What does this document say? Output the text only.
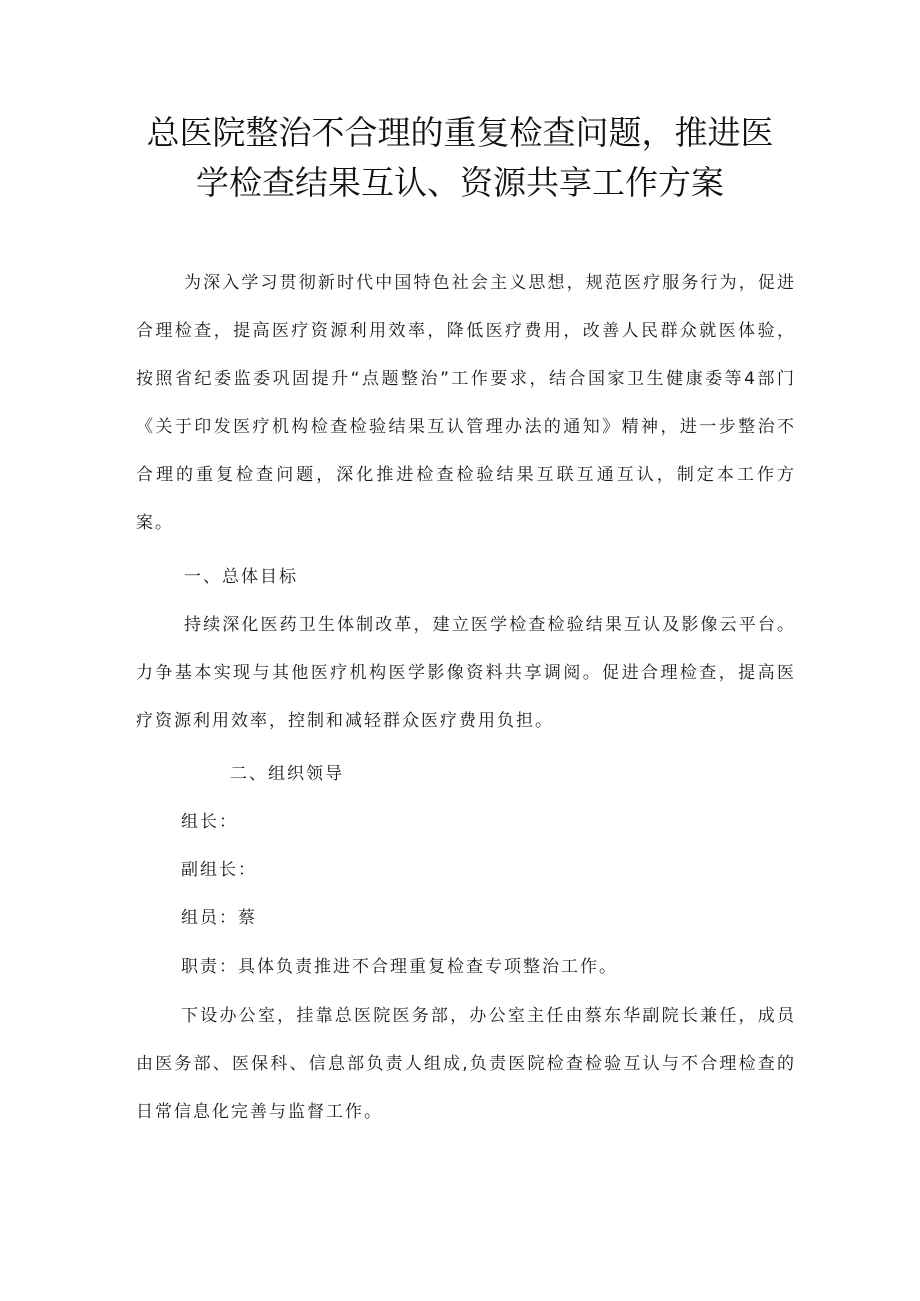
总医院整治不合理的重复检查问题，推进医
学检查结果互认、资源共享工作方案

为深入学习贯彻新时代中国特色社会主义思想，规范医疗服务行为，促进合理检查，提高医疗资源利用效率，降低医疗费用，改善人民群众就医体验，按照省纪委监委巩固提升“点题整治”工作要求，结合国家卫生健康委等4部门《关于印发医疗机构检查检验结果互认管理办法的通知》精神，进一步整治不合理的重复检查问题，深化推进检查检验结果互联互通互认，制定本工作方案。

一、总体目标

持续深化医药卫生体制改革，建立医学检查检验结果互认及影像云平台。力争基本实现与其他医疗机构医学影像资料共享调阅。促进合理检查，提高医疗资源利用效率，控制和减轻群众医疗费用负担。

二、组织领导

组长：

副组长：

组员：蔡

职责：具体负责推进不合理重复检查专项整治工作。

下设办公室，挂靠总医院医务部，办公室主任由蔡东华副院长兼任，成员由医务部、医保科、信息部负责人组成,负责医院检查检验互认与不合理检查的日常信息化完善与监督工作。
